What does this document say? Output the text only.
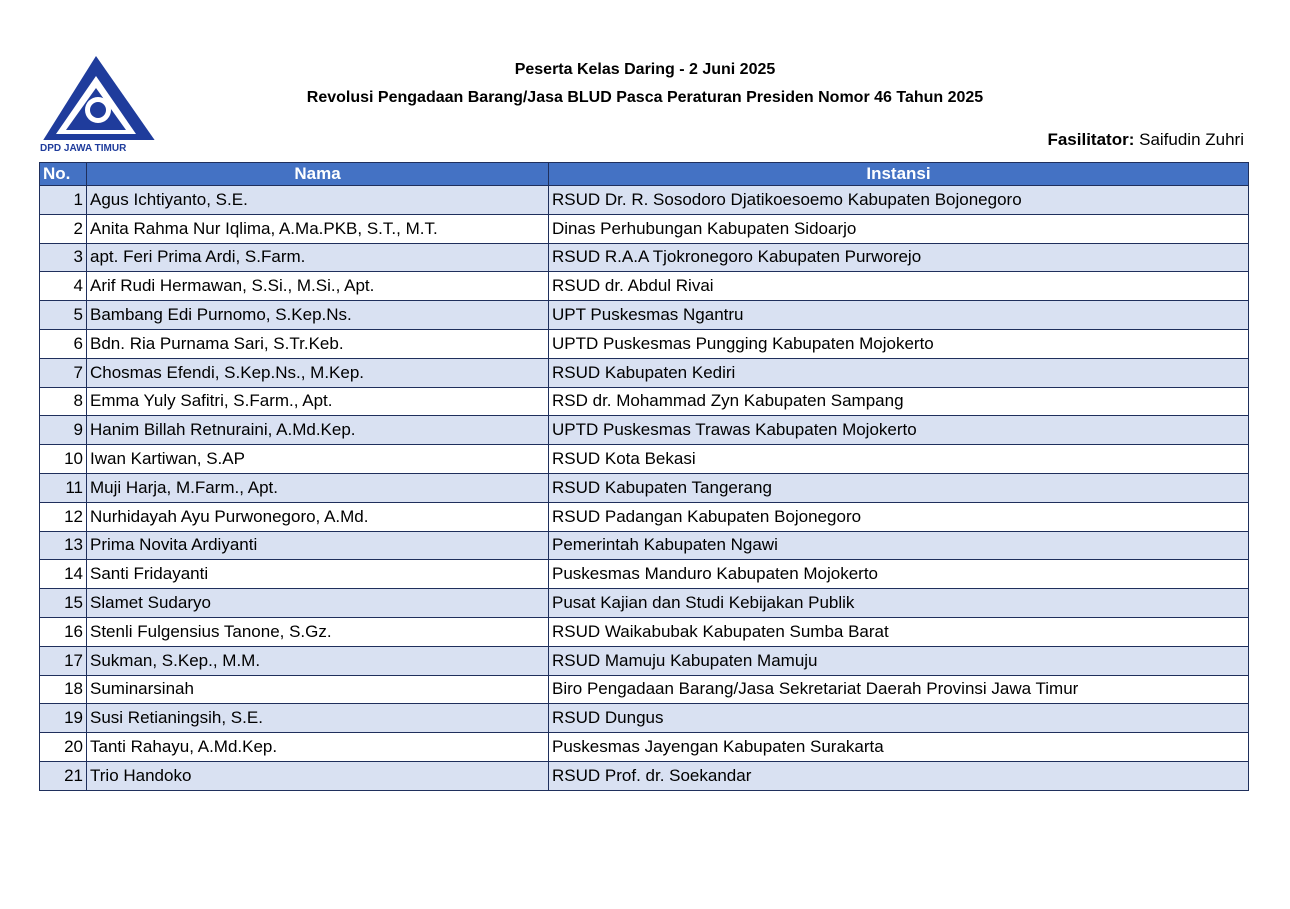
DPD JAWA TIMUR
Peserta Kelas Daring - 2 Juni 2025
Revolusi Pengadaan Barang/Jasa BLUD Pasca Peraturan Presiden Nomor 46 Tahun 2025
Fasilitator: Saifudin Zuhri
No.	Nama	Instansi
1	Agus Ichtiyanto, S.E.	RSUD Dr. R. Sosodoro Djatikoesoemo Kabupaten Bojonegoro
2	Anita Rahma Nur Iqlima, A.Ma.PKB, S.T., M.T.	Dinas Perhubungan Kabupaten Sidoarjo
3	apt. Feri Prima Ardi, S.Farm.	RSUD R.A.A Tjokronegoro Kabupaten Purworejo
4	Arif Rudi Hermawan, S.Si., M.Si., Apt.	RSUD dr. Abdul Rivai
5	Bambang Edi Purnomo, S.Kep.Ns.	UPT Puskesmas Ngantru
6	Bdn. Ria Purnama Sari, S.Tr.Keb.	UPTD Puskesmas Pungging Kabupaten Mojokerto
7	Chosmas Efendi, S.Kep.Ns., M.Kep.	RSUD Kabupaten Kediri
8	Emma Yuly Safitri, S.Farm., Apt.	RSD dr. Mohammad Zyn Kabupaten Sampang
9	Hanim Billah Retnuraini, A.Md.Kep.	UPTD Puskesmas Trawas Kabupaten Mojokerto
10	Iwan Kartiwan, S.AP	RSUD Kota Bekasi
11	Muji Harja, M.Farm., Apt.	RSUD Kabupaten Tangerang
12	Nurhidayah Ayu Purwonegoro, A.Md.	RSUD Padangan Kabupaten Bojonegoro
13	Prima Novita Ardiyanti	Pemerintah Kabupaten Ngawi
14	Santi Fridayanti	Puskesmas Manduro Kabupaten Mojokerto
15	Slamet Sudaryo	Pusat Kajian dan Studi Kebijakan Publik
16	Stenli Fulgensius Tanone, S.Gz.	RSUD Waikabubak Kabupaten Sumba Barat
17	Sukman, S.Kep., M.M.	RSUD Mamuju Kabupaten Mamuju
18	Suminarsinah	Biro Pengadaan Barang/Jasa Sekretariat Daerah Provinsi Jawa Timur
19	Susi Retianingsih, S.E.	RSUD Dungus
20	Tanti Rahayu, A.Md.Kep.	Puskesmas Jayengan Kabupaten Surakarta
21	Trio Handoko	RSUD Prof. dr. Soekandar
